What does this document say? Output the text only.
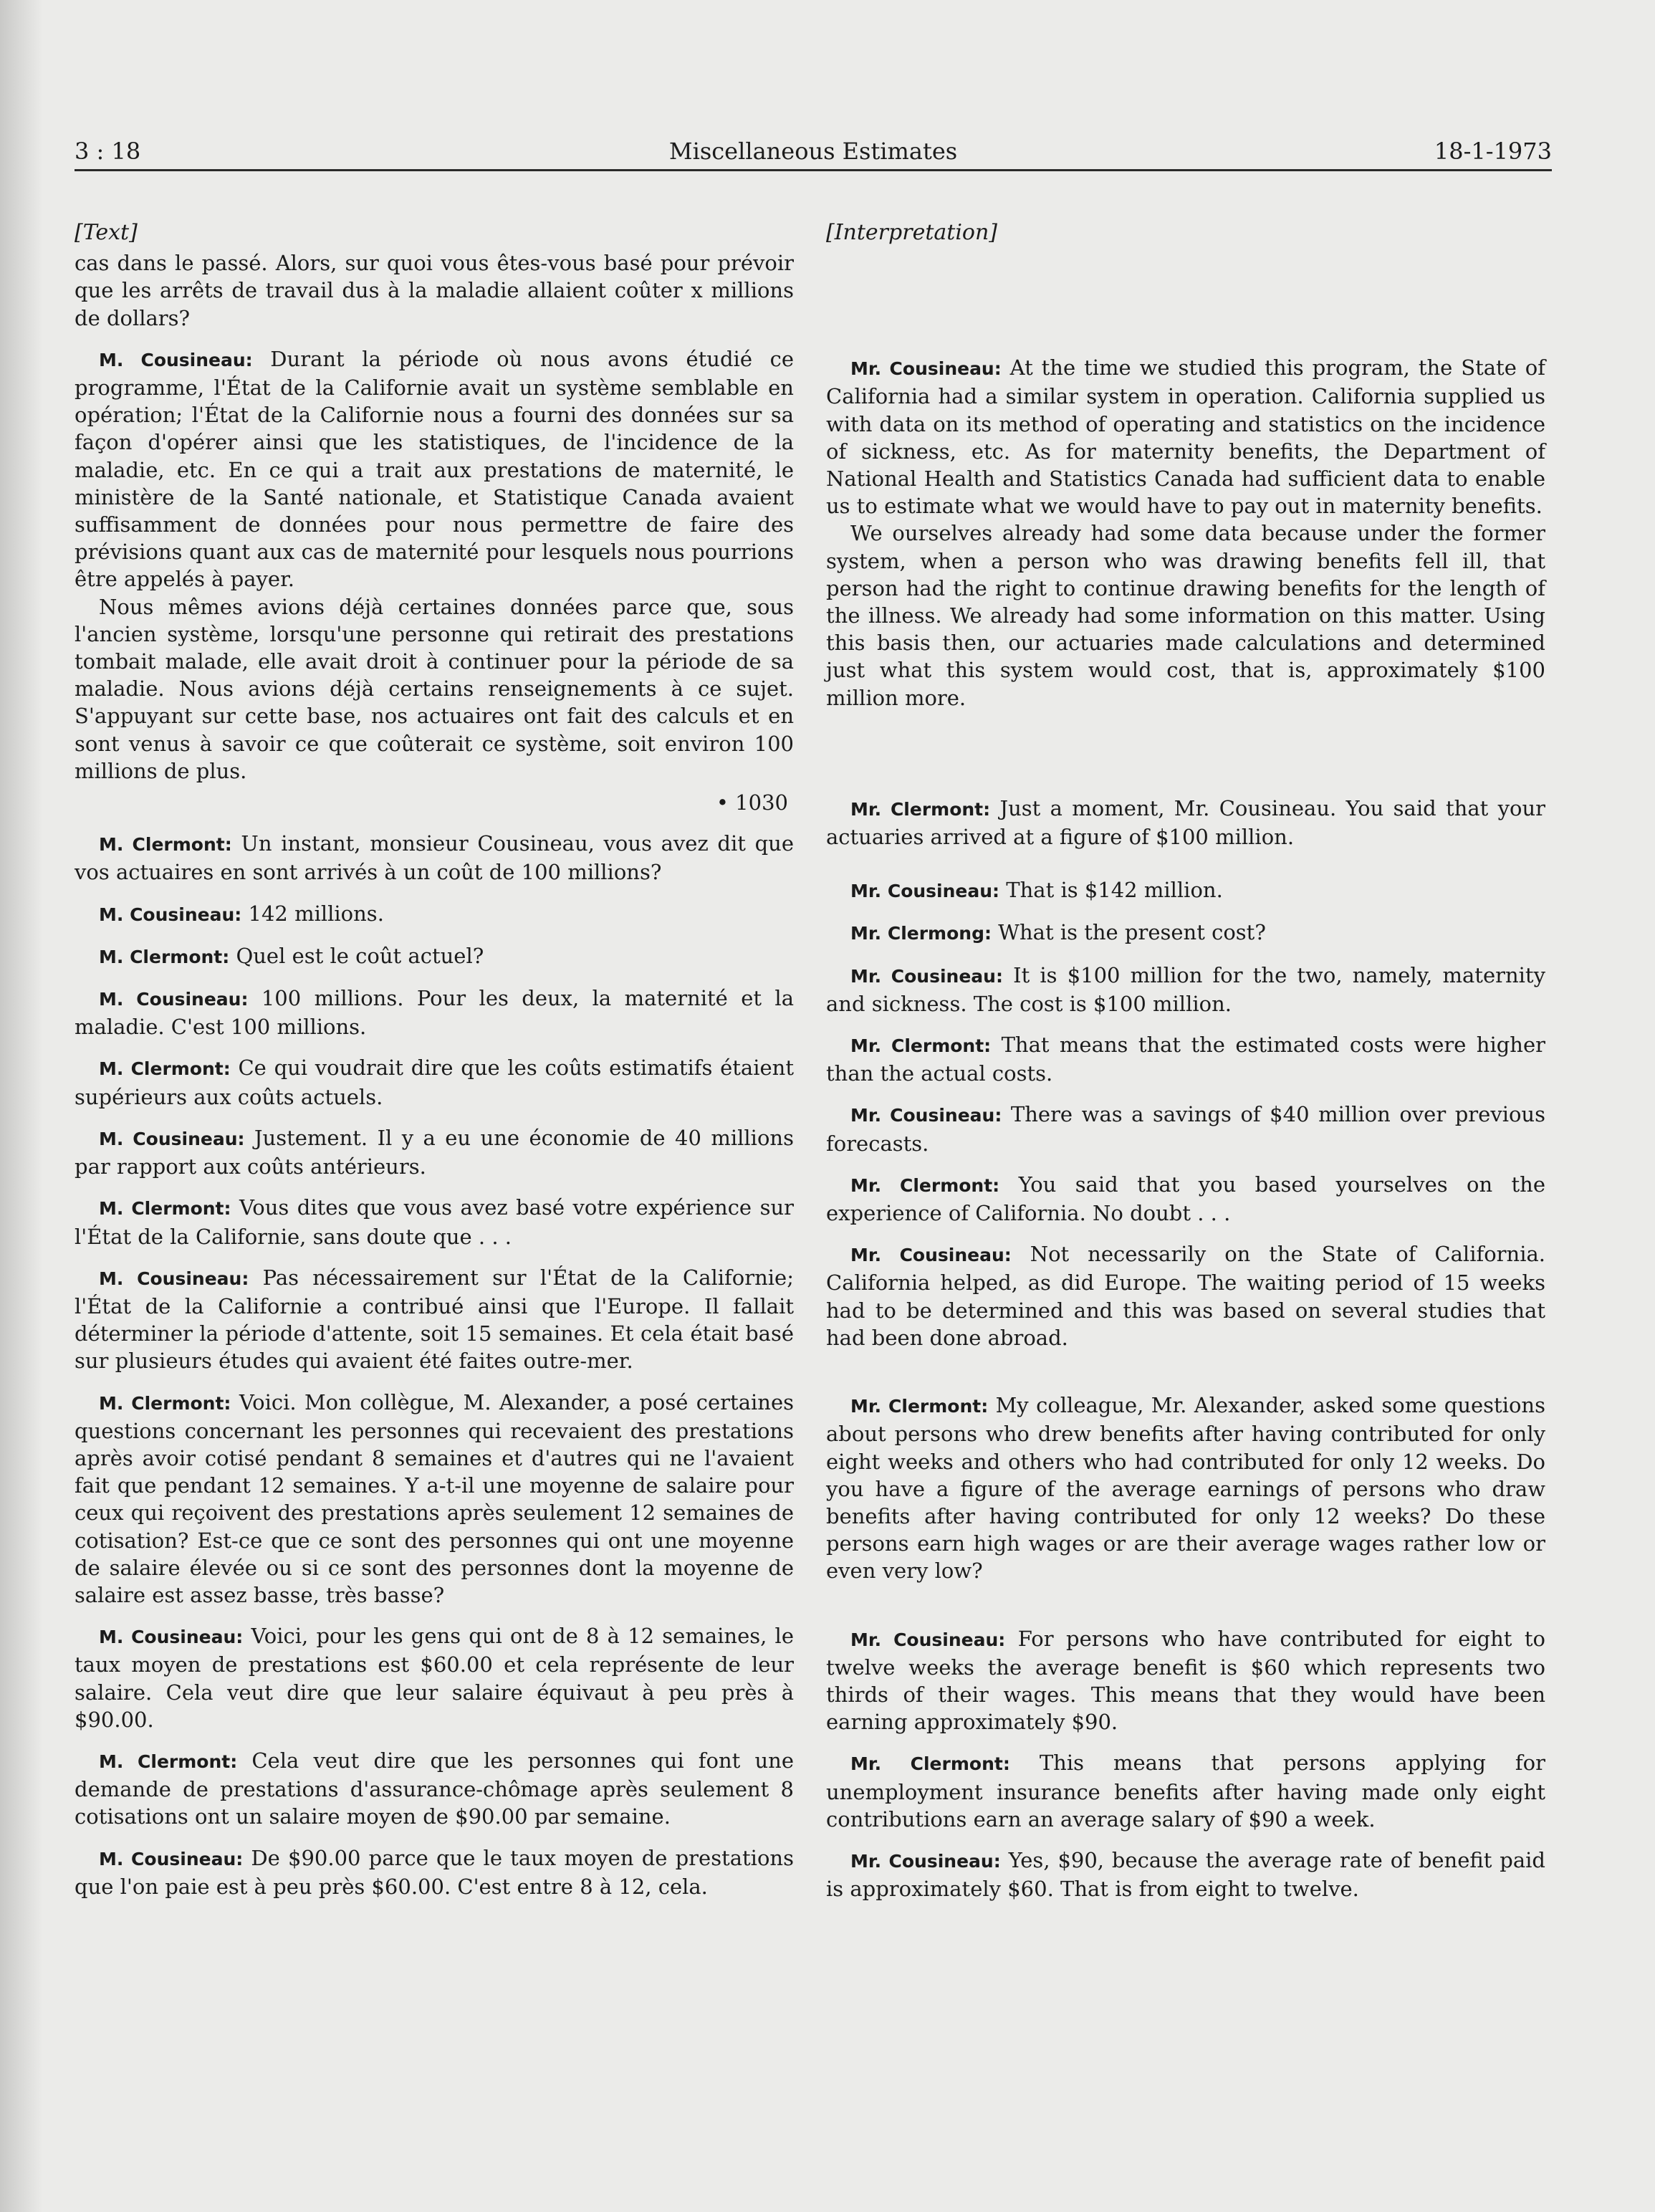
3 : 18	Miscellaneous Estimates	18-1-1973

[Text]

cas dans le passé. Alors, sur quoi vous êtes-vous basé pour prévoir que les arrêts de travail dus à la maladie allaient coûter x millions de dollars?

M. Cousineau: Durant la période où nous avons étudié ce programme, l'État de la Californie avait un système semblable en opération; l'État de la Californie nous a fourni des données sur sa façon d'opérer ainsi que les statistiques, de l'incidence de la maladie, etc. En ce qui a trait aux prestations de maternité, le ministère de la Santé nationale, et Statistique Canada avaient suffisamment de données pour nous permettre de faire des prévisions quant aux cas de maternité pour lesquels nous pourrions être appelés à payer.

Nous mêmes avions déjà certaines données parce que, sous l'ancien système, lorsqu'une personne qui retirait des prestations tombait malade, elle avait droit à continuer pour la période de sa maladie. Nous avions déjà certains renseignements à ce sujet. S'appuyant sur cette base, nos actuaires ont fait des calculs et en sont venus à savoir ce que coûterait ce système, soit environ 100 millions de plus.

• 1030

M. Clermont: Un instant, monsieur Cousineau, vous avez dit que vos actuaires en sont arrivés à un coût de 100 millions?

M. Cousineau: 142 millions.

M. Clermont: Quel est le coût actuel?

M. Cousineau: 100 millions. Pour les deux, la maternité et la maladie. C'est 100 millions.

M. Clermont: Ce qui voudrait dire que les coûts estimatifs étaient supérieurs aux coûts actuels.

M. Cousineau: Justement. Il y a eu une économie de 40 millions par rapport aux coûts antérieurs.

M. Clermont: Vous dites que vous avez basé votre expérience sur l'État de la Californie, sans doute que . . .

M. Cousineau: Pas nécessairement sur l'État de la Californie; l'État de la Californie a contribué ainsi que l'Europe. Il fallait déterminer la période d'attente, soit 15 semaines. Et cela était basé sur plusieurs études qui avaient été faites outre-mer.

M. Clermont: Voici. Mon collègue, M. Alexander, a posé certaines questions concernant les personnes qui recevaient des prestations après avoir cotisé pendant 8 semaines et d'autres qui ne l'avaient fait que pendant 12 semaines. Y a-t-il une moyenne de salaire pour ceux qui reçoivent des prestations après seulement 12 semaines de cotisation? Est-ce que ce sont des personnes qui ont une moyenne de salaire élevée ou si ce sont des personnes dont la moyenne de salaire est assez basse, très basse?

M. Cousineau: Voici, pour les gens qui ont de 8 à 12 semaines, le taux moyen de prestations est $60.00 et cela représente de leur salaire. Cela veut dire que leur salaire équivaut à peu près à $90.00.

M. Clermont: Cela veut dire que les personnes qui font une demande de prestations d'assurance-chômage après seulement 8 cotisations ont un salaire moyen de $90.00 par semaine.

M. Cousineau: De $90.00 parce que le taux moyen de prestations que l'on paie est à peu près $60.00. C'est entre 8 à 12, cela.

[Interpretation]

Mr. Cousineau: At the time we studied this program, the State of California had a similar system in operation. California supplied us with data on its method of operating and statistics on the incidence of sickness, etc. As for maternity benefits, the Department of National Health and Statistics Canada had sufficient data to enable us to estimate what we would have to pay out in maternity benefits.

We ourselves already had some data because under the former system, when a person who was drawing benefits fell ill, that person had the right to continue drawing benefits for the length of the illness. We already had some information on this matter. Using this basis then, our actuaries made calculations and determined just what this system would cost, that is, approximately $100 million more.

Mr. Clermont: Just a moment, Mr. Cousineau. You said that your actuaries arrived at a figure of $100 million.

Mr. Cousineau: That is $142 million.

Mr. Clermong: What is the present cost?

Mr. Cousineau: It is $100 million for the two, namely, maternity and sickness. The cost is $100 million.

Mr. Clermont: That means that the estimated costs were higher than the actual costs.

Mr. Cousineau: There was a savings of $40 million over previous forecasts.

Mr. Clermont: You said that you based yourselves on the experience of California. No doubt . . .

Mr. Cousineau: Not necessarily on the State of California. California helped, as did Europe. The waiting period of 15 weeks had to be determined and this was based on several studies that had been done abroad.

Mr. Clermont: My colleague, Mr. Alexander, asked some questions about persons who drew benefits after having contributed for only eight weeks and others who had contributed for only 12 weeks. Do you have a figure of the average earnings of persons who draw benefits after having contributed for only 12 weeks? Do these persons earn high wages or are their average wages rather low or even very low?

Mr. Cousineau: For persons who have contributed for eight to twelve weeks the average benefit is $60 which represents two thirds of their wages. This means that they would have been earning approximately $90.

Mr. Clermont: This means that persons applying for unemployment insurance benefits after having made only eight contributions earn an average salary of $90 a week.

Mr. Cousineau: Yes, $90, because the average rate of benefit paid is approximately $60. That is from eight to twelve.
